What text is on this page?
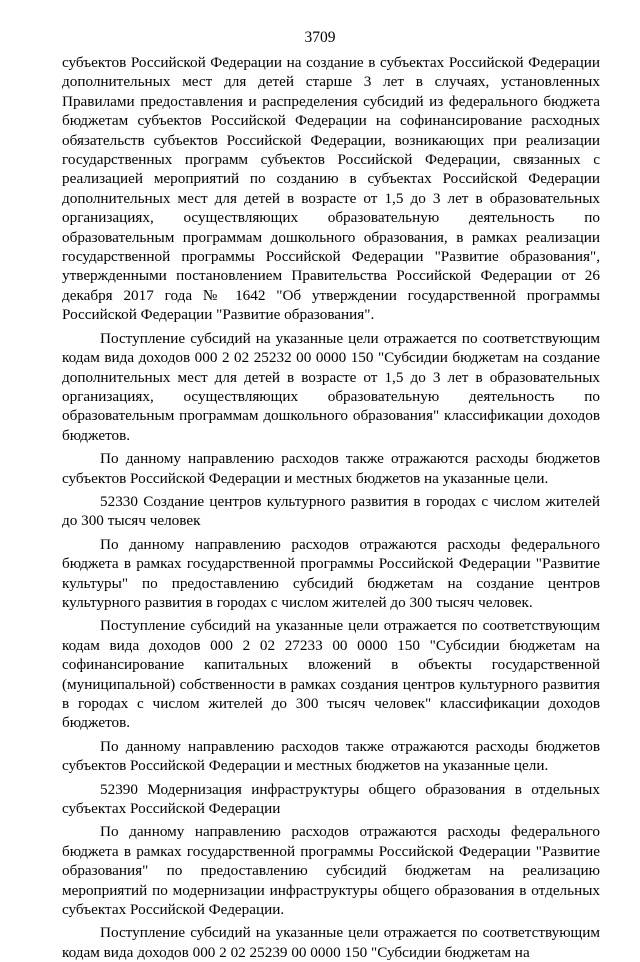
3709

субъектов Российской Федерации на создание в субъектах Российской Федерации дополнительных мест для детей старше 3 лет в случаях, установленных Правилами предоставления и распределения субсидий из федерального бюджета бюджетам субъектов Российской Федерации на софинансирование расходных обязательств субъектов Российской Федерации, возникающих при реализации государственных программ субъектов Российской Федерации, связанных с реализацией мероприятий по созданию в субъектах Российской Федерации дополнительных мест для детей в возрасте от 1,5 до 3 лет в образовательных организациях, осуществляющих образовательную деятельность по образовательным программам дошкольного образования, в рамках реализации государственной программы Российской Федерации "Развитие образования", утвержденными постановлением Правительства Российской Федерации от 26 декабря 2017 года № 1642 "Об утверждении государственной программы Российской Федерации "Развитие образования".

Поступление субсидий на указанные цели отражается по соответствующим кодам вида доходов 000 2 02 25232 00 0000 150 "Субсидии бюджетам на создание дополнительных мест для детей в возрасте от 1,5 до 3 лет в образовательных организациях, осуществляющих образовательную деятельность по образовательным программам дошкольного образования" классификации доходов бюджетов.

По данному направлению расходов также отражаются расходы бюджетов субъектов Российской Федерации и местных бюджетов на указанные цели.

52330 Создание центров культурного развития в городах с числом жителей до 300 тысяч человек

По данному направлению расходов отражаются расходы федерального бюджета в рамках государственной программы Российской Федерации "Развитие культуры" по предоставлению субсидий бюджетам на создание центров культурного развития в городах с числом жителей до 300 тысяч человек.

Поступление субсидий на указанные цели отражается по соответствующим кодам вида доходов 000 2 02 27233 00 0000 150 "Субсидии бюджетам на софинансирование капитальных вложений в объекты государственной (муниципальной) собственности в рамках создания центров культурного развития в городах с числом жителей до 300 тысяч человек" классификации доходов бюджетов.

По данному направлению расходов также отражаются расходы бюджетов субъектов Российской Федерации и местных бюджетов на указанные цели.

52390 Модернизация инфраструктуры общего образования в отдельных субъектах Российской Федерации

По данному направлению расходов отражаются расходы федерального бюджета в рамках государственной программы Российской Федерации "Развитие образования" по предоставлению субсидий бюджетам на реализацию мероприятий по модернизации инфраструктуры общего образования в отдельных субъектах Российской Федерации.

Поступление субсидий на указанные цели отражается по соответствующим кодам вида доходов 000 2 02 25239 00 0000 150 "Субсидии бюджетам на
